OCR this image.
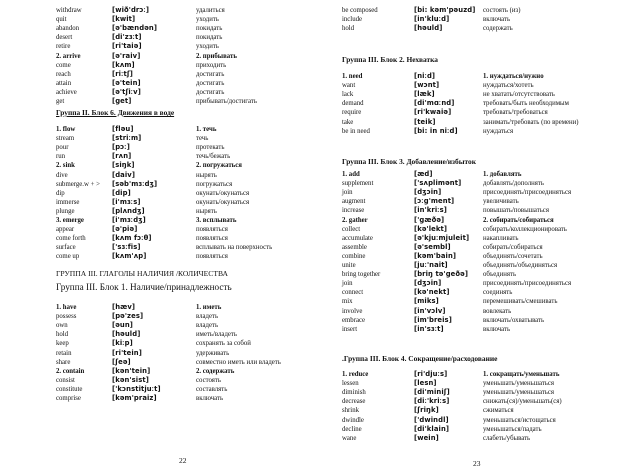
Группа II. Блок 6. Движения в воде
ГРУППА III. ГЛАГОЛЫ НАЛИЧИЯ /КОЛИЧЕСТВА
Группа III. Блок 1. Наличие/принадлежность
22
withdraw	[wið'drɔː]	удалиться
quit	[kwit]	уходить
abandon	[ə'bændən]	покидать
desert	[di'zɜːt]	покидать
retire	[ri'taiə]	уходить
2. arrive	[ə'raiv]	2. прибывать
come	[kʌm]	приходить
reach	[riːtʃ]	достигать
attain	[ə'tein]	достигать
achieve	[ə'tʃiːv]	достигать
get	[get]	прибывать/достигать
1. flow	[fləu]	1. течь
stream	[striːm]	течь
pour	[pɔː]	протекать
run	[rʌn]	течь/бежать
2. sink	[siŋk]	2. погружаться
dive	[daiv]	нырять
submerge.w + > [səb'mɜːdʒ]	погружаться
dip	[dip]	окунать/окунаться
immerse	[i'mɜːs]	окунать/окунаться
plunge	[plʌndʒ]	нырять
3. emerge	[i'mɜːdʒ]	3. всплывать
appear	[ə'piə]	появляться
come forth	[kʌm fɔːθ]	появляться
surface	['sɜːfis]	всплывать на поверхность
come up	[kʌm'ʌp]	появляться
1. have	[hæv]	1. иметь
possess	[pə'zes]	владеть
own	[əun]	владеть
hold	[həuld]	иметь/владеть
keep	[kiːp]	сохранять за собой
retain	[ri'tein]	удерживать
share	[ʃeə]	совместно иметь или владеть
2. contain	[kən'tein]	2. содержать
consist	[kən'sist]	состоять
constitute	['kɔnstitjuːt]	составлять
comprise	[kəm'praiz]	включать
Группа III. Блок 2. Нехватка
Группа III. Блок 3. Добавление/избыток
.Группа III. Блок 4. Сокращение/расходование
23
be composed	[bi: kəm'pəuzd] состоять (из)
include	[in'kluːd]	включать
hold	[həuld]	содержать
1. need	[niːd]	1. нуждаться/нужно
want	[wɔnt]	нуждаться/хотеть
lack	[læk]	не хватать/отсутствовать
demand	[di'mɑːnd]	требовать/быть необходимым
require	[ri'kwaiə]	требовать/требоваться
take	[teik]	занимать/требовать (по времени)
be in need	[bi: in niːd]	нуждаться
1. add	[æd]	1. добавлять
supplement	['sʌplimənt]	добавлять/дополнять
join	[dʒɔin]	присоединять/присоединяться
augment	[ɔːg'ment]	увеличивать
increase	[in'kriːs]	повышать/повышаться
2. gather	['gæðə]	2. собирать/собираться
collect	[kə'lekt]	собирать/коллекционировать
accumulate	[ə'kjuːmjuleit] накапливать
assemble	[ə'sembl]	собирать/собираться
combine	[kəm'bain]	объединять/сочетать
unite	[juː'nait]	объединять/объединяться
bring together	[briŋ tə'geðə] объединять
join	[dʒɔin]	присоединять/присоединяться
connect	[kə'nekt]	соединять
mix	[miks]	перемешивать/смешивать
involve	[in'vɔlv]	вовлекать
embrace	[im'breis]	включать/охватывать
insert	[in'sɜːt]	включать
1. reduce	[ri'djuːs]	1. сокращать/уменьшать
lessen	[lesn]	уменьшать/уменьшаться
diminish	[di'miniʃ]	уменьшать/уменьшаться
decrease	[diː'kriːs]	снижать(ся)/уменьшать(ся)
shrink	[ʃriŋk]	сжиматься
dwindle	['dwindl]	уменьшаться/истощаться
decline	[di'klain]	уменьшаться/падать
wane	[wein]	слабеть/убывать
